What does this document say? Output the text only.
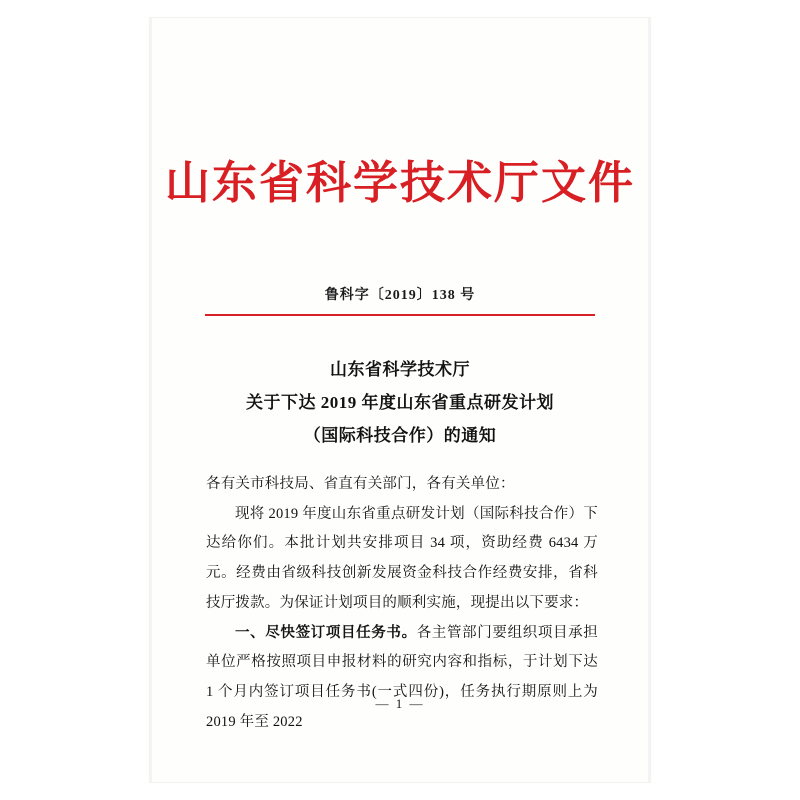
山东省科学技术厅文件
鲁科字〔2019〕138 号
山东省科学技术厅
关于下达 2019 年度山东省重点研发计划
（国际科技合作）的通知

各有关市科技局、省直有关部门，各有关单位：

现将 2019 年度山东省重点研发计划（国际科技合作）下达给你们。本批计划共安排项目 34 项，资助经费 6434 万元。经费由省级科技创新发展资金科技合作经费安排，省科技厅拨款。为保证计划项目的顺利实施，现提出以下要求：

一、尽快签订项目任务书。各主管部门要组织项目承担单位严格按照项目申报材料的研究内容和指标，于计划下达 1 个月内签订项目任务书(一式四份)，任务执行期原则上为 2019 年至 2022

— 1 —
